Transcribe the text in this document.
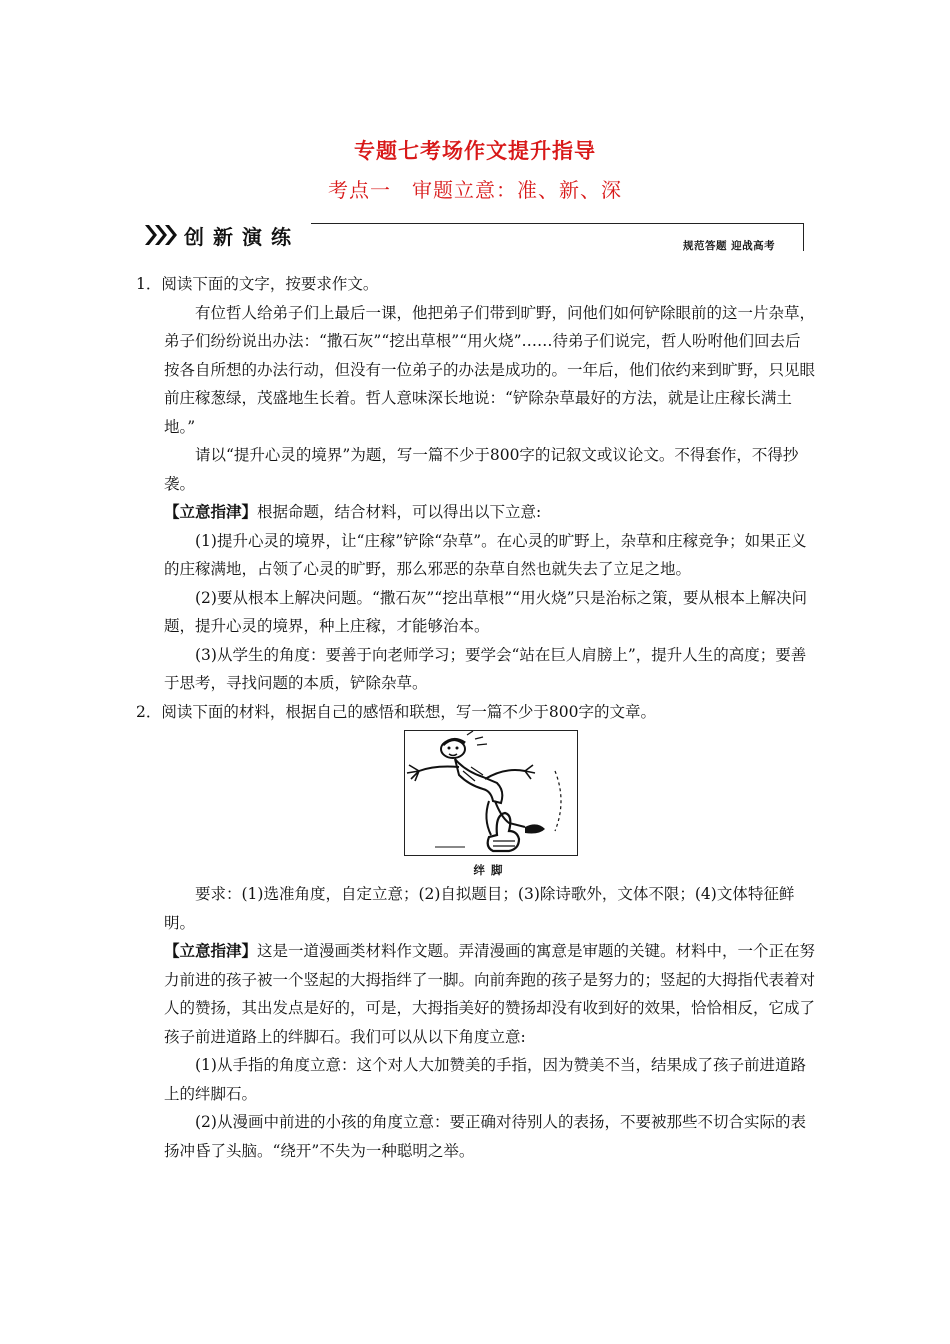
专题七考场作文提升指导
考点一　审题立意：准、新、深
创新演练	规范答题 迎战高考

1．阅读下面的文字，按要求作文。

有位哲人给弟子们上最后一课，他把弟子们带到旷野，问他们如何铲除眼前的这一片杂草，弟子们纷纷说出办法：“撒石灰”“挖出草根”“用火烧”……待弟子们说完，哲人吩咐他们回去后按各自所想的办法行动，但没有一位弟子的办法是成功的。一年后，他们依约来到旷野，只见眼前庄稼葱绿，茂盛地生长着。哲人意味深长地说：“铲除杂草最好的方法，就是让庄稼长满土地。”

请以“提升心灵的境界”为题，写一篇不少于800字的记叙文或议论文。不得套作，不得抄袭。

【立意指津】根据命题，结合材料，可以得出以下立意:

(1)提升心灵的境界，让“庄稼”铲除“杂草”。在心灵的旷野上，杂草和庄稼竞争；如果正义的庄稼满地，占领了心灵的旷野，那么邪恶的杂草自然也就失去了立足之地。

(2)要从根本上解决问题。“撒石灰”“挖出草根”“用火烧”只是治标之策，要从根本上解决问题，提升心灵的境界，种上庄稼，才能够治本。

(3)从学生的角度：要善于向老师学习；要学会“站在巨人肩膀上”，提升人生的高度；要善于思考，寻找问题的本质，铲除杂草。

2．阅读下面的材料，根据自己的感悟和联想，写一篇不少于800字的文章。

绊脚

要求：(1)选准角度，自定立意；(2)自拟题目；(3)除诗歌外，文体不限；(4)文体特征鲜明。

【立意指津】这是一道漫画类材料作文题。弄清漫画的寓意是审题的关键。材料中，一个正在努力前进的孩子被一个竖起的大拇指绊了一脚。向前奔跑的孩子是努力的；竖起的大拇指代表着对人的赞扬，其出发点是好的，可是，大拇指美好的赞扬却没有收到好的效果，恰恰相反，它成了孩子前进道路上的绊脚石。我们可以从以下角度立意:

(1)从手指的角度立意：这个对人大加赞美的手指，因为赞美不当，结果成了孩子前进道路上的绊脚石。

(2)从漫画中前进的小孩的角度立意：要正确对待别人的表扬，不要被那些不切合实际的表扬冲昏了头脑。“绕开”不失为一种聪明之举。
